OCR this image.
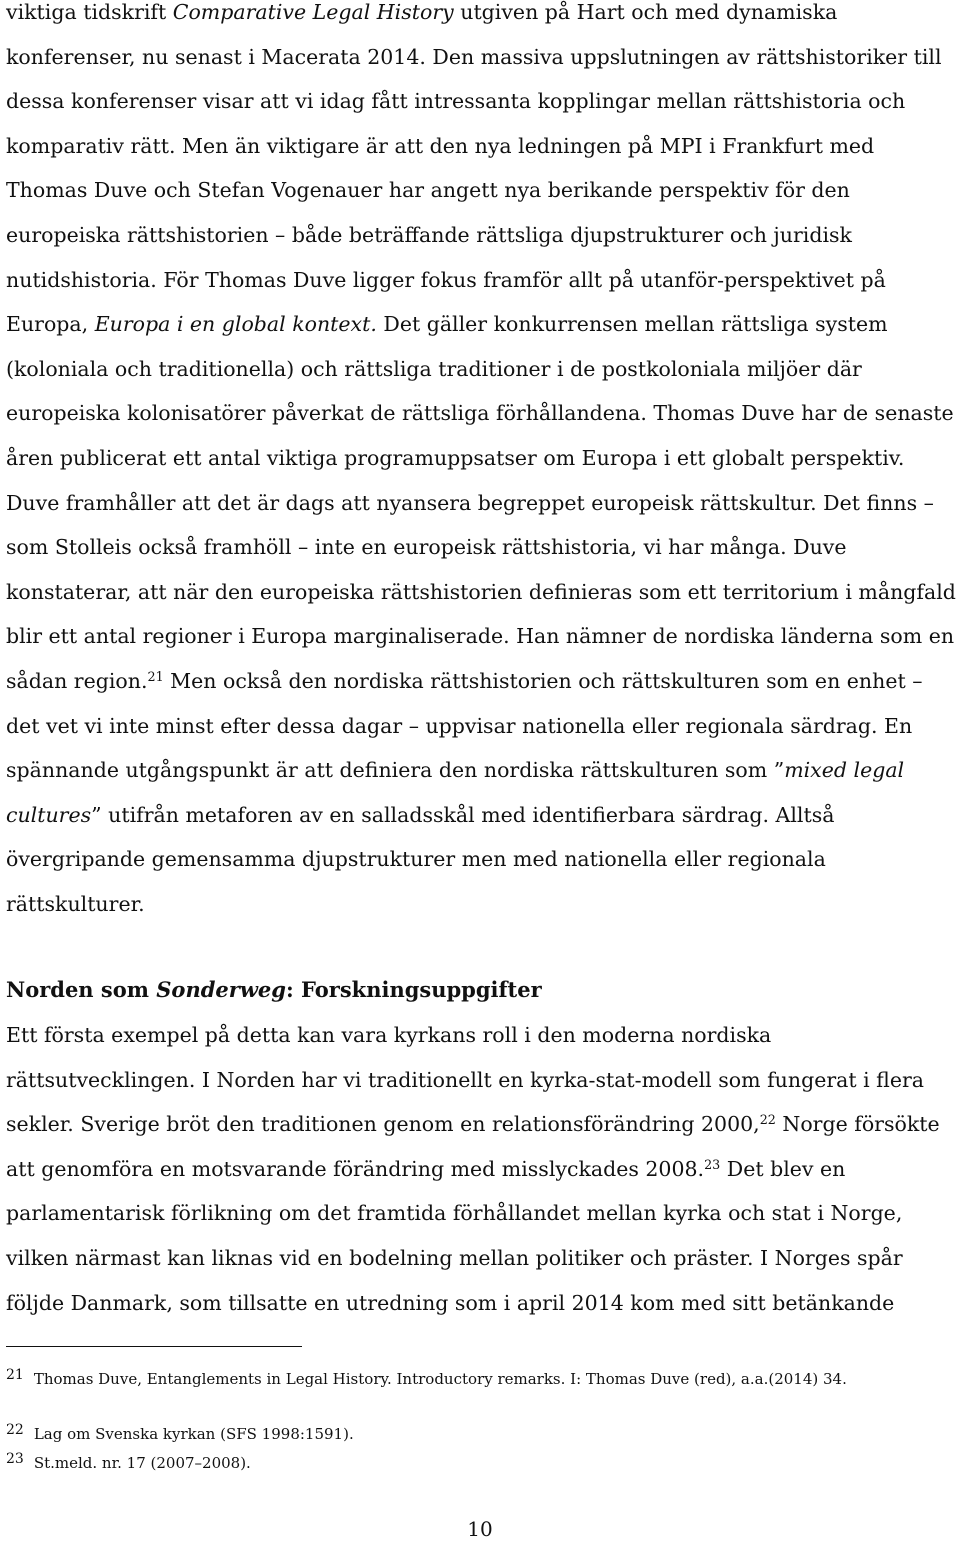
viktiga tidskrift Comparative Legal History utgiven på Hart och med dynamiska konferenser, nu senast i Macerata 2014. Den massiva uppslutningen av rättshistoriker till dessa konferenser visar att vi idag fått intressanta kopplingar mellan rättshistoria och komparativ rätt. Men än viktigare är att den nya ledningen på MPI i Frankfurt med Thomas Duve och Stefan Vogenauer har angett nya berikande perspektiv för den europeiska rättshistorien – både beträffande rättsliga djupstrukturer och juridisk nutidshistoria. För Thomas Duve ligger fokus framför allt på utanför-perspektivet på Europa, Europa i en global kontext. Det gäller konkurrensen mellan rättsliga system (koloniala och traditionella) och rättsliga traditioner i de postkoloniala miljöer där europeiska kolonisatörer påverkat de rättsliga förhållandena. Thomas Duve har de senaste åren publicerat ett antal viktiga programuppsatser om Europa i ett globalt perspektiv. Duve framhåller att det är dags att nyansera begreppet europeisk rättskultur. Det finns – som Stolleis också framhöll – inte en europeisk rättshistoria, vi har många. Duve konstaterar, att när den europeiska rättshistorien definieras som ett territorium i mångfald blir ett antal regioner i Europa marginaliserade. Han nämner de nordiska länderna som en sådan region.$^{21}$ Men också den nordiska rättshistorien och rättskulturen som en enhet – det vet vi inte minst efter dessa dagar – uppvisar nationella eller regionala särdrag. En spännande utgångspunkt är att definiera den nordiska rättskulturen som ”mixed legal cultures” utifrån metaforen av en salladsskål med identifierbara särdrag. Alltså övergripande gemensamma djupstrukturer men med nationella eller regionala rättskulturer.

Norden som Sonderweg: Forskningsuppgifter

Ett första exempel på detta kan vara kyrkans roll i den moderna nordiska rättsutvecklingen. I Norden har vi traditionellt en kyrka-stat-modell som fungerat i flera sekler. Sverige bröt den traditionen genom en relationsförändring 2000,22 Norge försökte att genomföra en motsvarande förändring med misslyckades 2008.23 Det blev en parlamentarisk förlikning om det framtida förhållandet mellan kyrka och stat i Norge, vilken närmast kan liknas vid en bodelning mellan politiker och präster. I Norges spår följde Danmark, som tillsatte en utredning som i april 2014 kom med sitt betänkande

21 Thomas Duve, Entanglements in Legal History. Introductory remarks. I: Thomas Duve (red), a.a.(2014) 34.

22 Lag om Svenska kyrkan (SFS 1998:1591).

23 St.meld. nr. 17 (2007–2008).

10
